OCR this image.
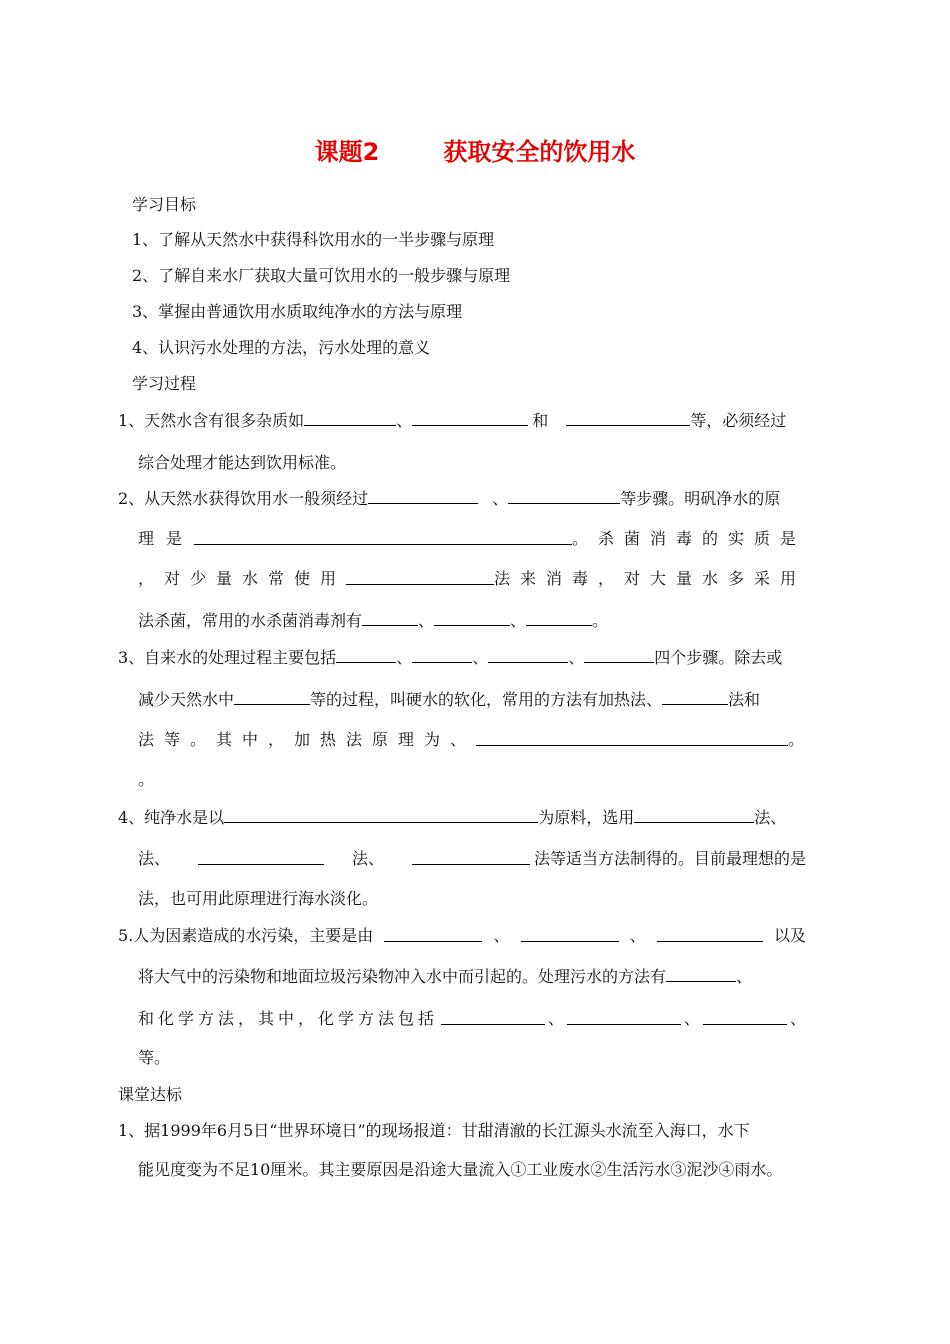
课题2	获取安全的饮用水
学习目标
1、了解从天然水中获得科饮用水的一半步骤与原理
2、了解自来水厂获取大量可饮用水的一般步骤与原理
3、掌握由普通饮用水质取纯净水的方法与原理
4、认识污水处理的方法，污水处理的意义
学习过程
1、天然水含有很多杂质如	、	和	等，必须经过
综合处理才能达到饮用标准。
2、从天然水获得饮用水一般须经过	、	等步骤。明矾净水的原
理是	。杀菌消毒的实质是
，对少量水常使用	法来消毒，对大量水多采用
法杀菌，常用的水杀菌消毒剂有	、	、	。
3、自来水的处理过程主要包括	、	、	、	四个步骤。除去或
减少天然水中	等的过程，叫硬水的软化，常用的方法有加热法、	法和
法等。其中，加热法原理为 、	。
。
4、纯净水是以	为原料，选用	法、
法、	法、	法等适当方法制得的。目前最理想的是
法，也可用此原理进行海水淡化。
5.人为因素造成的水污染，主要是由	、	、	以及
将大气中的污染物和地面垃圾污染物冲入水中而引起的。处理污水的方法有	、
和化学方法，其中，化学方法包括	、	、	、
等。
课堂达标
1、据1999年6月5日“世界环境日”的现场报道：甘甜清澈的长江源头水流至入海口，水下
能见度变为不足10厘米。其主要原因是沿途大量流入①工业废水②生活污水③泥沙④雨水。
